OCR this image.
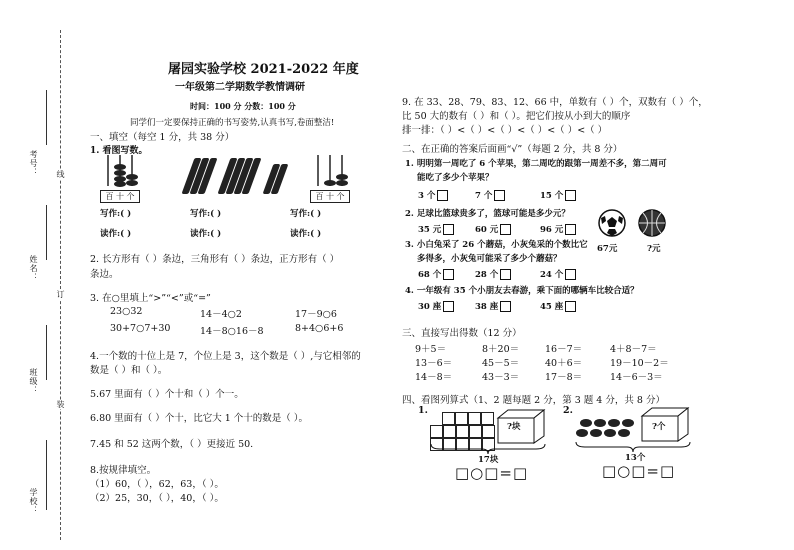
考号： 线
姓名：
订
班级：
装
学校：
屠园实验学校 2021-2022 年度
一年级第二学期数学教情调研
时间：100 分 分数：100 分
同学们一定要保持正确的书写姿势,认真书写,卷面整洁!
一、填空（每空 1 分，共 38 分）
1. 看图写数。
百 十 个
	百 十 个
写作:( )	写作:( )	写作:( )
读作:( )	读作:( )	读作:( )
2. 长方形有（ ）条边，三角形有（ ）条边，正方形有（ ）
条边。
3. 在○里填上“>”“<”或“=”
23○32	14－4○2	17－9○6
30+7○7+30	14－8○16－8	8+4○6+6
4.一个数的十位上是 7，个位上是 3，这个数是（ ）,与它相邻的
数是（ ）和（ ）。
5.67 里面有（ ）个十和（ ）个一。
6.80 里面有（ ）个十，比它大 1 个十的数是（ ）。
7.45 和 52 这两个数，（ ）更接近 50.
8.按规律填空。
（1）60，（ ），62，63，（ ）。
（2）25，30，（ ），40，（ ）。
9. 在 33、28、79、83、12、66 中，单数有（ ）个，双数有（ ）个，
比 50 大的数有（ ）和（ ）。把它们按从小到大的顺序
排一排：（ ）<（ ）<（ ）<（ ）<（ ）<（ ）
二、在正确的答案后面画“√”（每题 2 分，共 8 分）
1. 明明第一周吃了 6 个苹果，第二周吃的跟第一周差不多，第二周可
能吃了多少个苹果？
3 个	7 个	15 个
2. 足球比篮球贵多了，篮球可能是多少元？
35 元	60 元	96 元
67元	?元
3. 小白兔采了 26 个蘑菇，小灰兔采的个数比它
多得多，小灰兔可能采了多少个蘑菇？
68 个	28 个	24 个
4. 一年级有 35 个小朋友去春游，乘下面的哪辆车比较合适？
30 座	38 座	45 座
三、直接写出得数（12 分）
9＋5＝	8＋20＝	16－7＝	4＋8－7＝
13－6＝	45－5＝	40＋6＝	19－10－2＝
14－8＝	43－3＝	17－8＝	14－6－3＝
四、看图列算式（1、2 题每题 2 分，第 3 题 4 分，共 8 分）
1.	2.
?块
17块
□○□=□
?个
13个
□○□=□
